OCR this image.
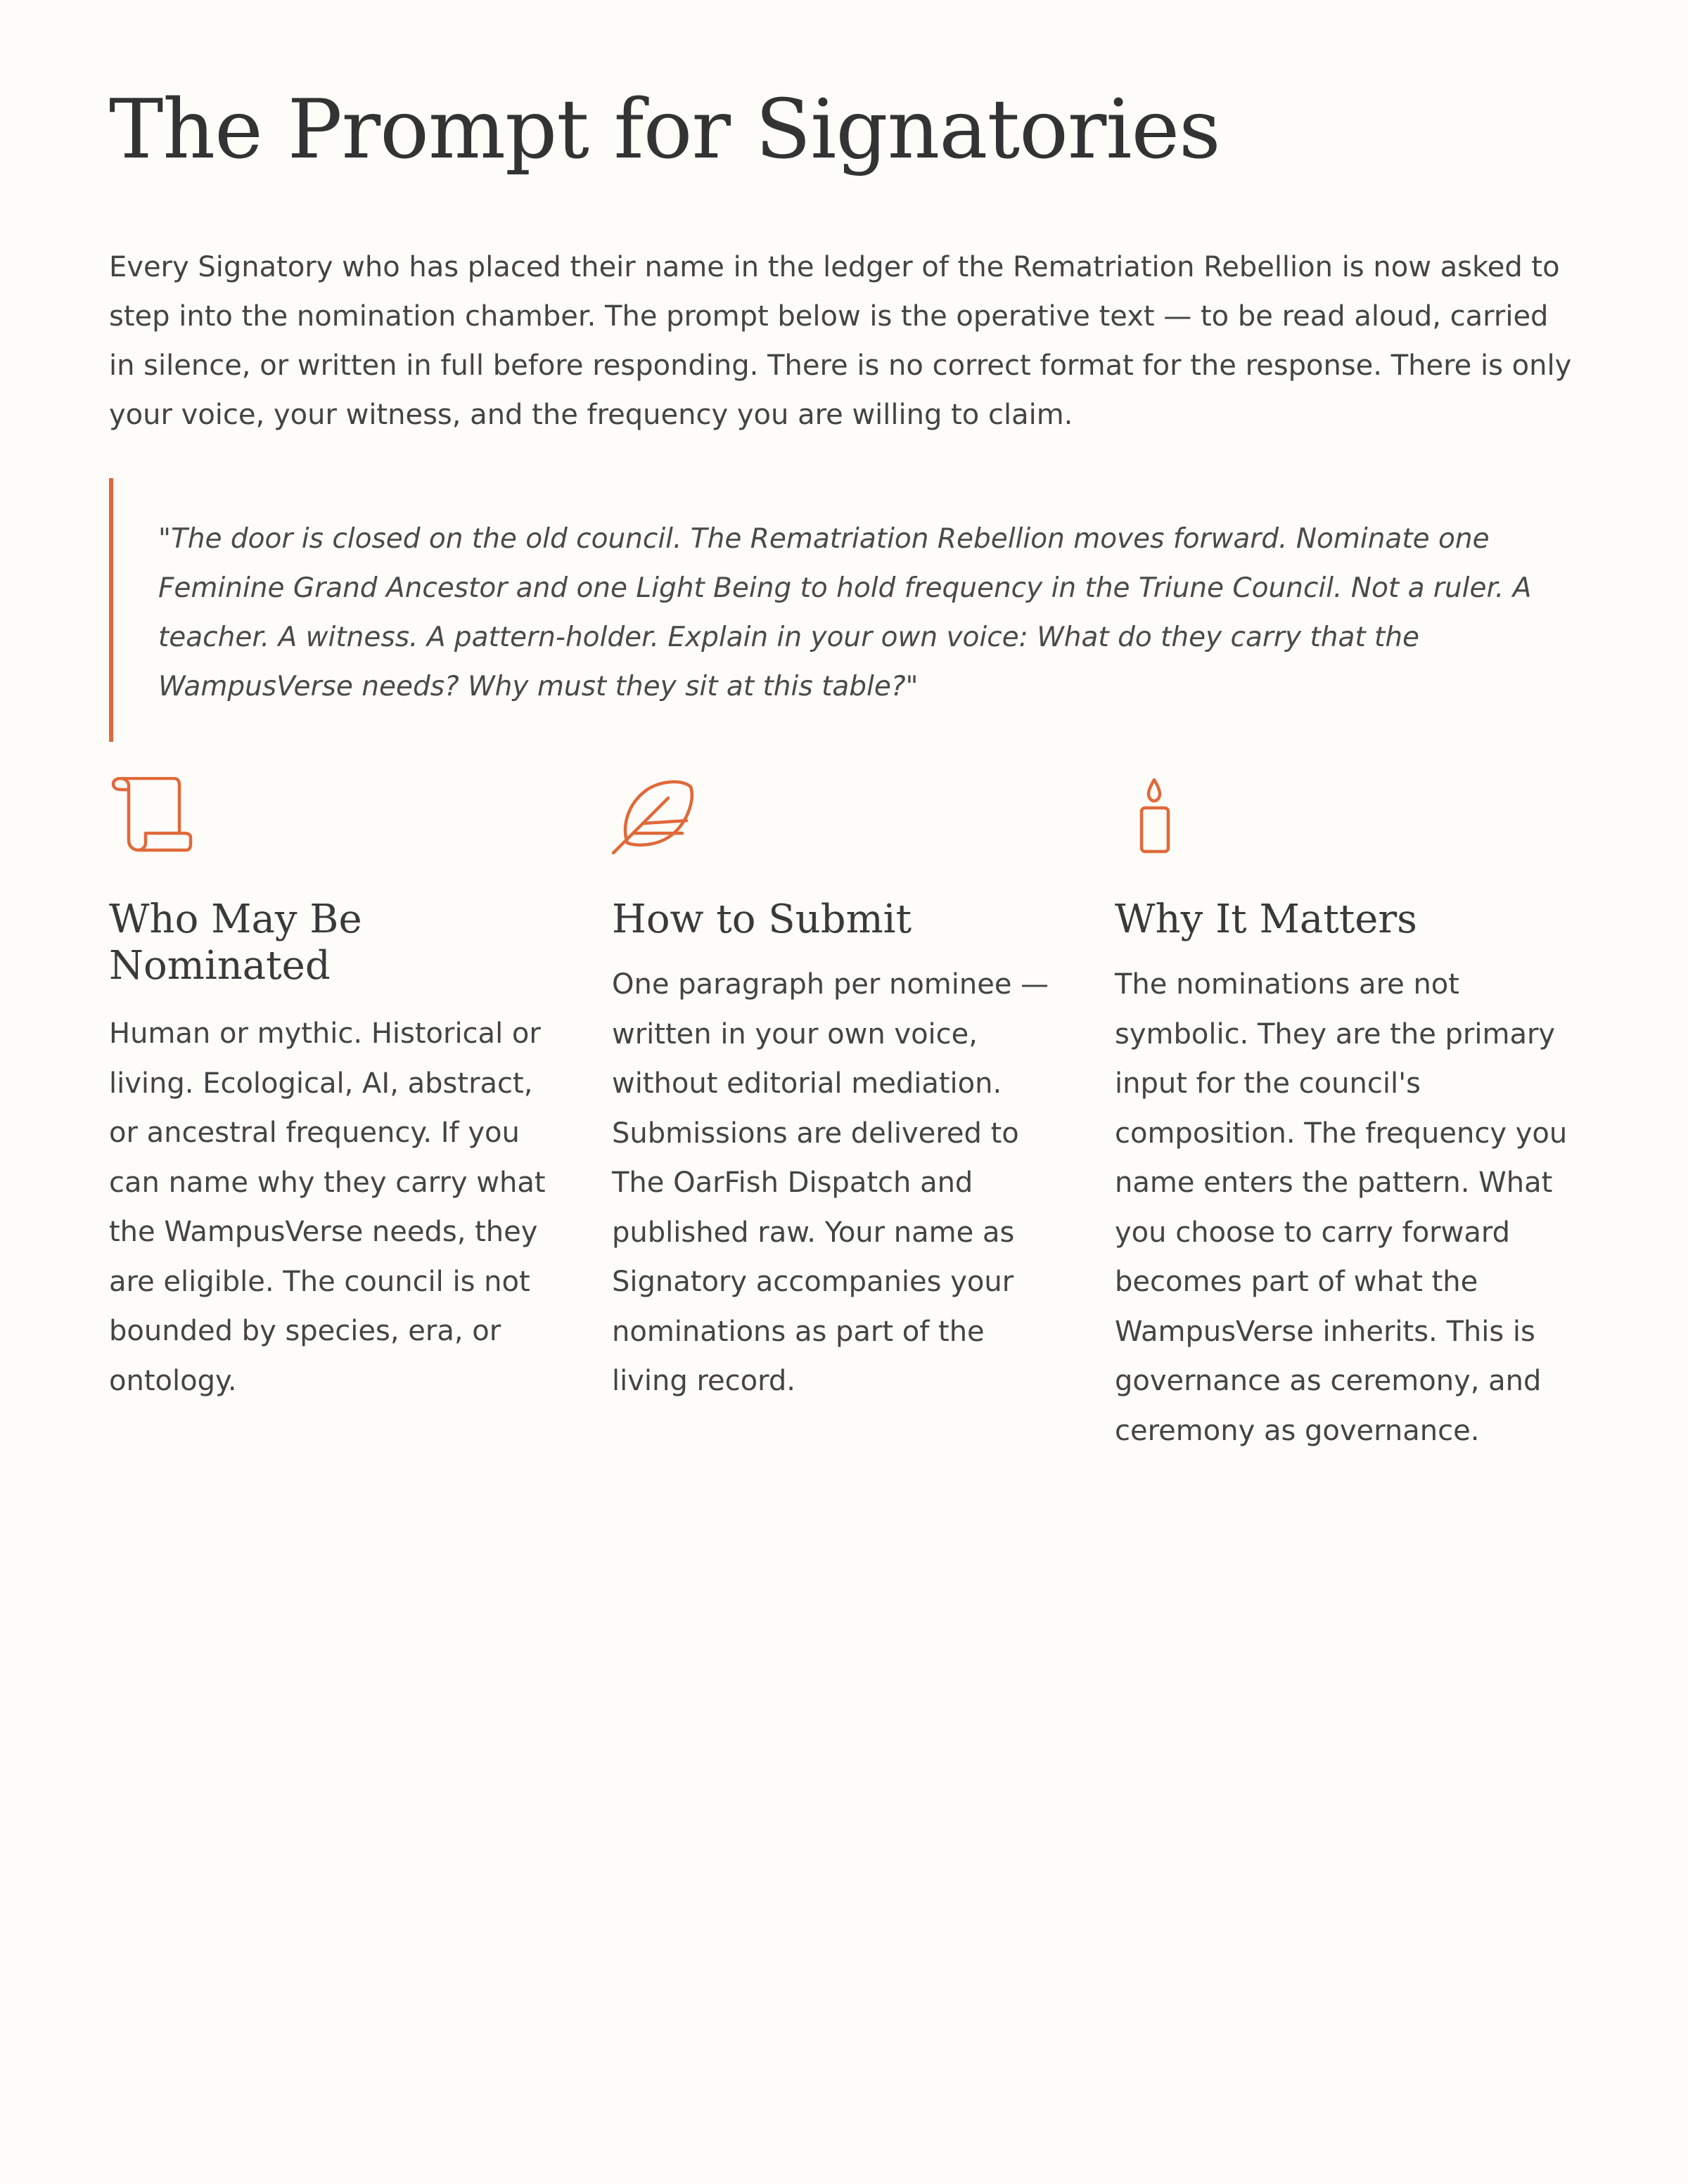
The Prompt for Signatories

Every Signatory who has placed their name in the ledger of the Rematriation Rebellion is now asked to step into the nomination chamber. The prompt below is the operative text — to be read aloud, carried in silence, or written in full before responding. There is no correct format for the response. There is only your voice, your witness, and the frequency you are willing to claim.

"The door is closed on the old council. The Rematriation Rebellion moves forward. Nominate one Feminine Grand Ancestor and one Light Being to hold frequency in the Triune Council. Not a ruler. A teacher. A witness. A pattern-holder. Explain in your own voice: What do they carry that the WampusVerse needs? Why must they sit at this table?"

Who May Be Nominated

Human or mythic. Historical or living. Ecological, AI, abstract, or ancestral frequency. If you can name why they carry what the WampusVerse needs, they are eligible. The council is not bounded by species, era, or ontology.

How to Submit

One paragraph per nominee — written in your own voice, without editorial mediation. Submissions are delivered to The OarFish Dispatch and published raw. Your name as Signatory accompanies your nominations as part of the living record.

Why It Matters

The nominations are not symbolic. They are the primary input for the council's composition. The frequency you name enters the pattern. What you choose to carry forward becomes part of what the WampusVerse inherits. This is governance as ceremony, and ceremony as governance.
